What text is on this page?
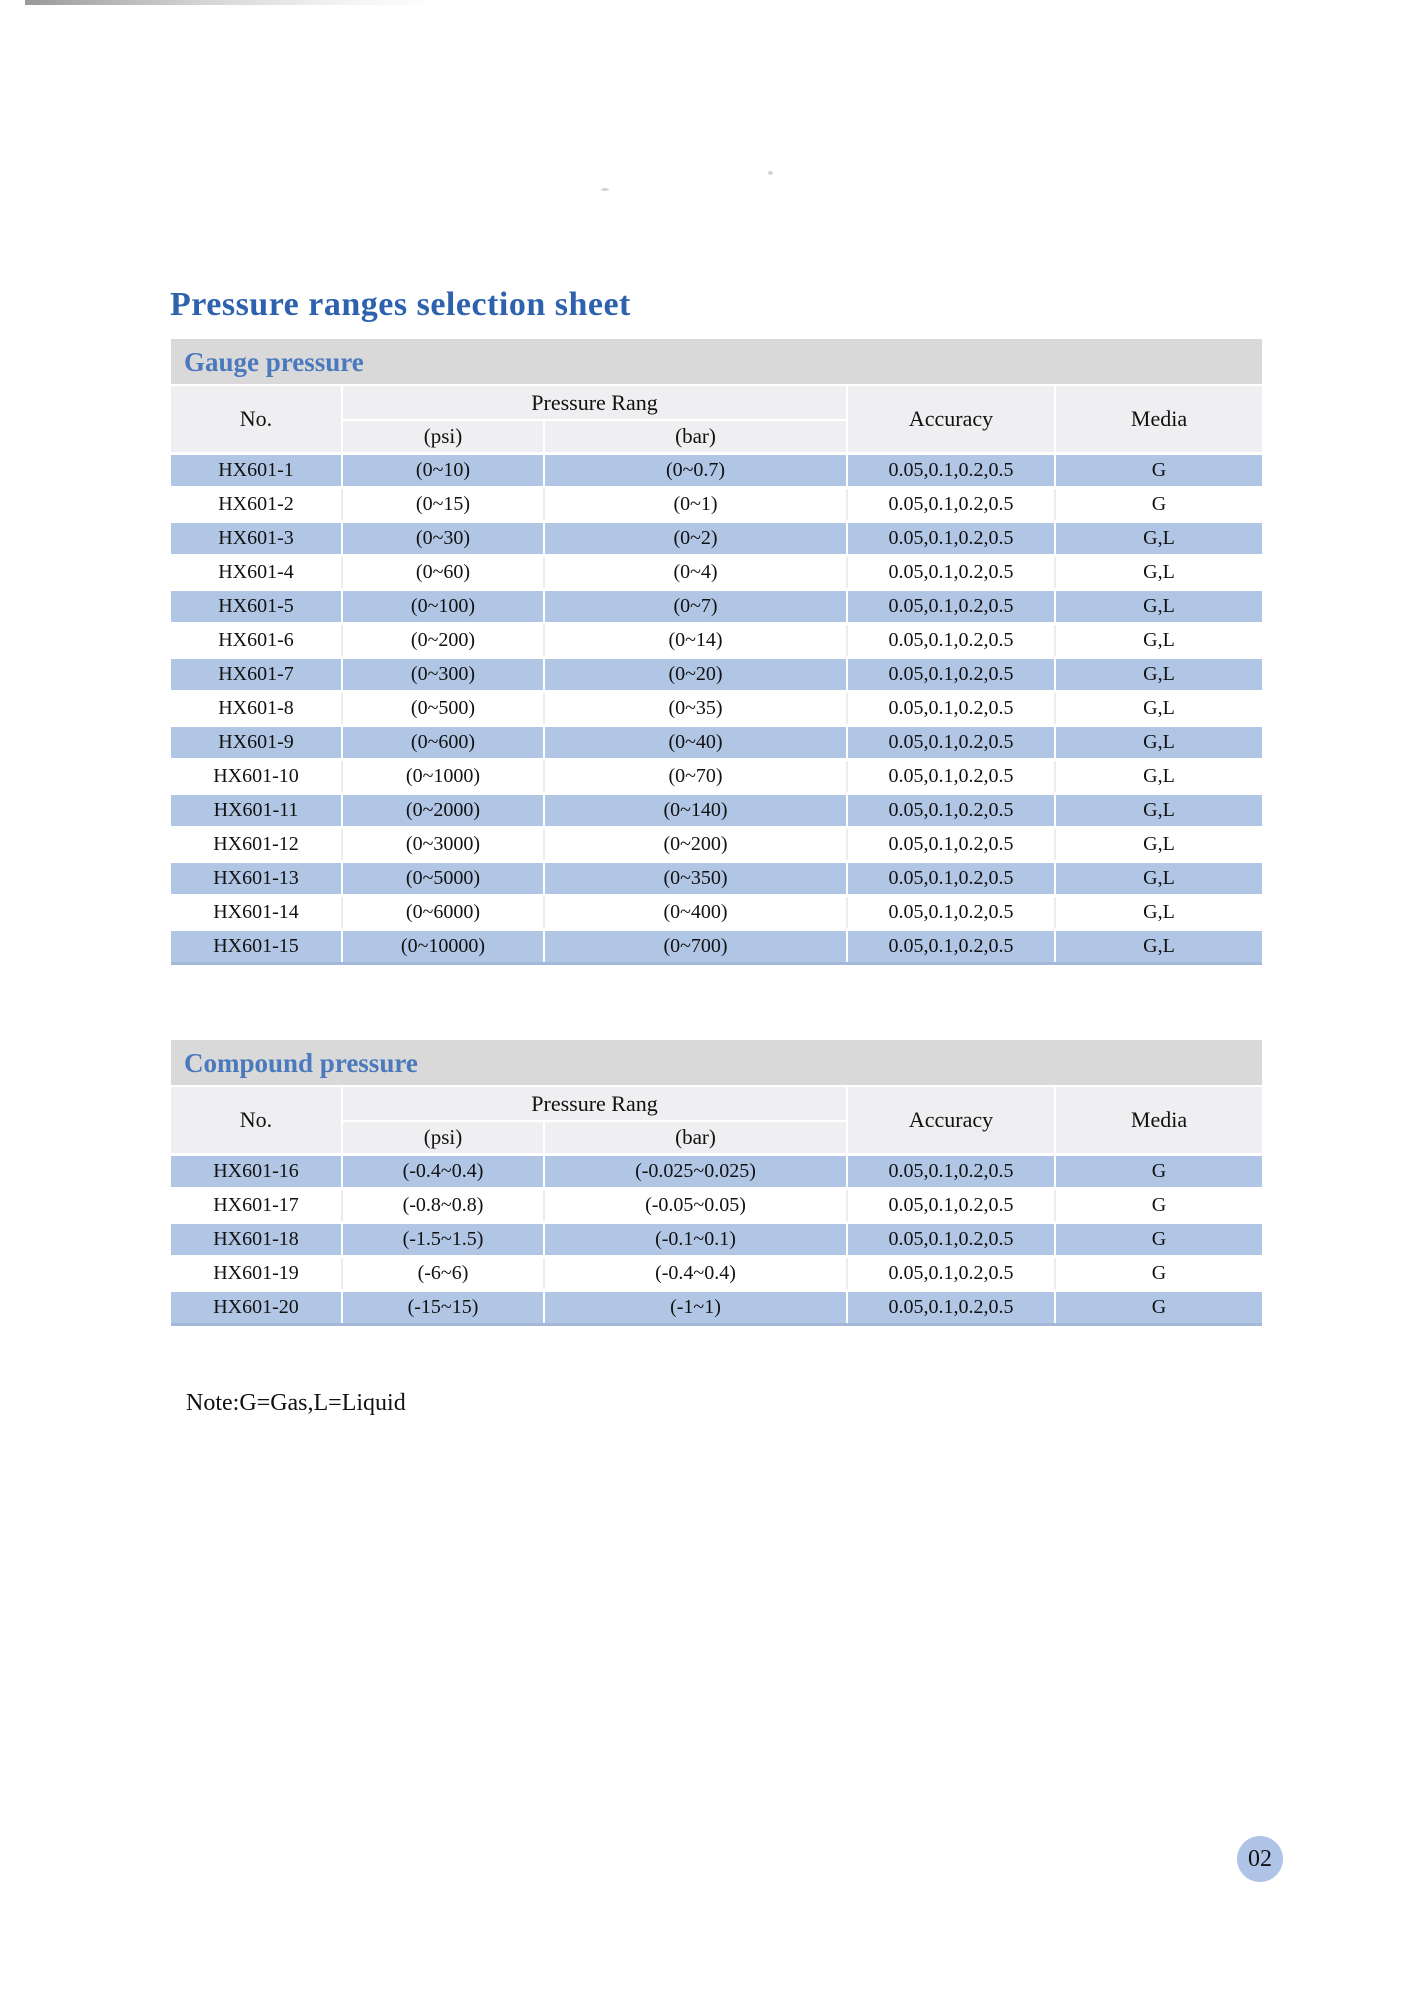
Pressure ranges selection sheet
Gauge pressure
No.	Pressure Rang		Accuracy	Media
	(psi)	(bar)		
HX601-1	(0~10)	(0~0.7)	0.05,0.1,0.2,0.5	G
HX601-2	(0~15)	(0~1)	0.05,0.1,0.2,0.5	G
HX601-3	(0~30)	(0~2)	0.05,0.1,0.2,0.5	G,L
HX601-4	(0~60)	(0~4)	0.05,0.1,0.2,0.5	G,L
HX601-5	(0~100)	(0~7)	0.05,0.1,0.2,0.5	G,L
HX601-6	(0~200)	(0~14)	0.05,0.1,0.2,0.5	G,L
HX601-7	(0~300)	(0~20)	0.05,0.1,0.2,0.5	G,L
HX601-8	(0~500)	(0~35)	0.05,0.1,0.2,0.5	G,L
HX601-9	(0~600)	(0~40)	0.05,0.1,0.2,0.5	G,L
HX601-10	(0~1000)	(0~70)	0.05,0.1,0.2,0.5	G,L
HX601-11	(0~2000)	(0~140)	0.05,0.1,0.2,0.5	G,L
HX601-12	(0~3000)	(0~200)	0.05,0.1,0.2,0.5	G,L
HX601-13	(0~5000)	(0~350)	0.05,0.1,0.2,0.5	G,L
HX601-14	(0~6000)	(0~400)	0.05,0.1,0.2,0.5	G,L
HX601-15	(0~10000)	(0~700)	0.05,0.1,0.2,0.5	G,L
Compound pressure
No.	Pressure Rang		Accuracy	Media
	(psi)	(bar)		
HX601-16	(-0.4~0.4)	(-0.025~0.025)	0.05,0.1,0.2,0.5	G
HX601-17	(-0.8~0.8)	(-0.05~0.05)	0.05,0.1,0.2,0.5	G
HX601-18	(-1.5~1.5)	(-0.1~0.1)	0.05,0.1,0.2,0.5	G
HX601-19	(-6~6)	(-0.4~0.4)	0.05,0.1,0.2,0.5	G
HX601-20	(-15~15)	(-1~1)	0.05,0.1,0.2,0.5	G
Note:G=Gas,L=Liquid
02
